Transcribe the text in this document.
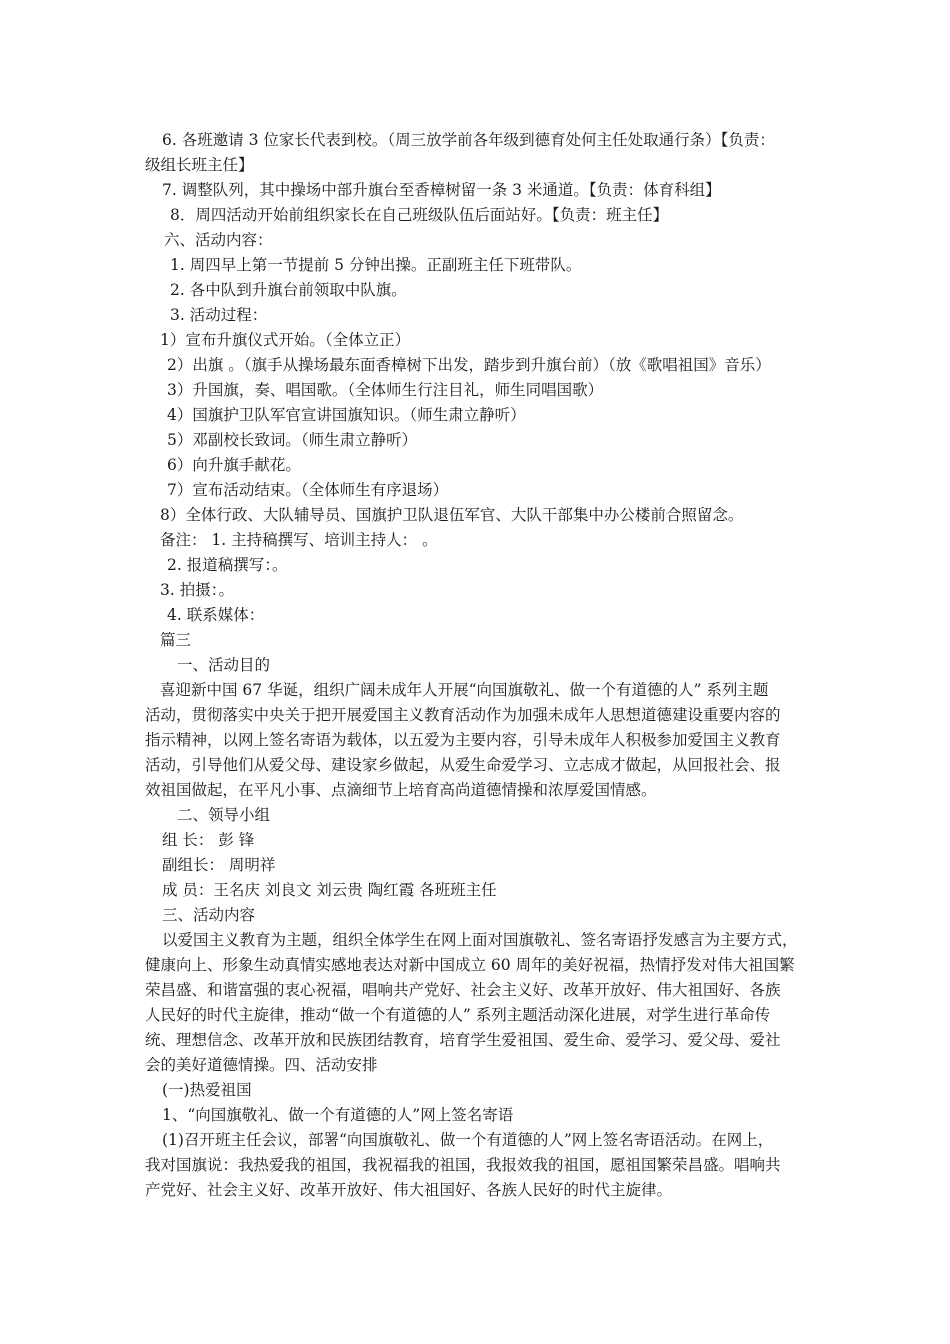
6. 各班邀请 3 位家长代表到校。（周三放学前各年级到德育处何主任处取通行条）【负责：
级组长班主任】
7. 调整队列，其中操场中部升旗台至香樟树留一条 3 米通道。【负责：体育科组】
8．周四活动开始前组织家长在自己班级队伍后面站好。【负责：班主任】
六、活动内容：
1. 周四早上第一节提前 5 分钟出操。正副班主任下班带队。
2. 各中队到升旗台前领取中队旗。
3. 活动过程：
1）宣布升旗仪式开始。（全体立正）
2）出旗 。（旗手从操场最东面香樟树下出发，踏步到升旗台前）（放《歌唱祖国》音乐）
3）升国旗，奏、唱国歌。（全体师生行注目礼，师生同唱国歌）
4）国旗护卫队军官宣讲国旗知识。（师生肃立静听）
5）邓副校长致词。（师生肃立静听）
6）向升旗手献花。
7）宣布活动结束。（全体师生有序退场）
8）全体行政、大队辅导员、国旗护卫队退伍军官、大队干部集中办公楼前合照留念。
备注： 1. 主持稿撰写、培训主持人： 。
2. 报道稿撰写：。
3. 拍摄：。
4. 联系媒体：
篇三
一、活动目的
喜迎新中国 67 华诞，组织广阔未成年人开展“向国旗敬礼、做一个有道德的人” 系列主题
活动，贯彻落实中央关于把开展爱国主义教育活动作为加强未成年人思想道德建设重要内容的
指示精神，以网上签名寄语为载体，以五爱为主要内容，引导未成年人积极参加爱国主义教育
活动，引导他们从爱父母、建设家乡做起，从爱生命爱学习、立志成才做起，从回报社会、报
效祖国做起，在平凡小事、点滴细节上培育高尚道德情操和浓厚爱国情感。
二、领导小组
组 长： 彭 锋
副组长： 周明祥
成 员：王名庆 刘良文 刘云贵 陶红霞 各班班主任
三、活动内容
以爱国主义教育为主题，组织全体学生在网上面对国旗敬礼、签名寄语抒发感言为主要方式，
健康向上、形象生动真情实感地表达对新中国成立 60 周年的美好祝福，热情抒发对伟大祖国繁
荣昌盛、和谐富强的衷心祝福，唱响共产党好、社会主义好、改革开放好、伟大祖国好、各族
人民好的时代主旋律，推动“做一个有道德的人” 系列主题活动深化进展，对学生进行革命传
统、理想信念、改革开放和民族团结教育，培育学生爱祖国、爱生命、爱学习、爱父母、爱社
会的美好道德情操。四、活动安排
(一)热爱祖国
1、“向国旗敬礼、做一个有道德的人”网上签名寄语
(1)召开班主任会议，部署“向国旗敬礼、做一个有道德的人”网上签名寄语活动。在网上，
我对国旗说：我热爱我的祖国，我祝福我的祖国，我报效我的祖国，愿祖国繁荣昌盛。唱响共
产党好、社会主义好、改革开放好、伟大祖国好、各族人民好的时代主旋律。
